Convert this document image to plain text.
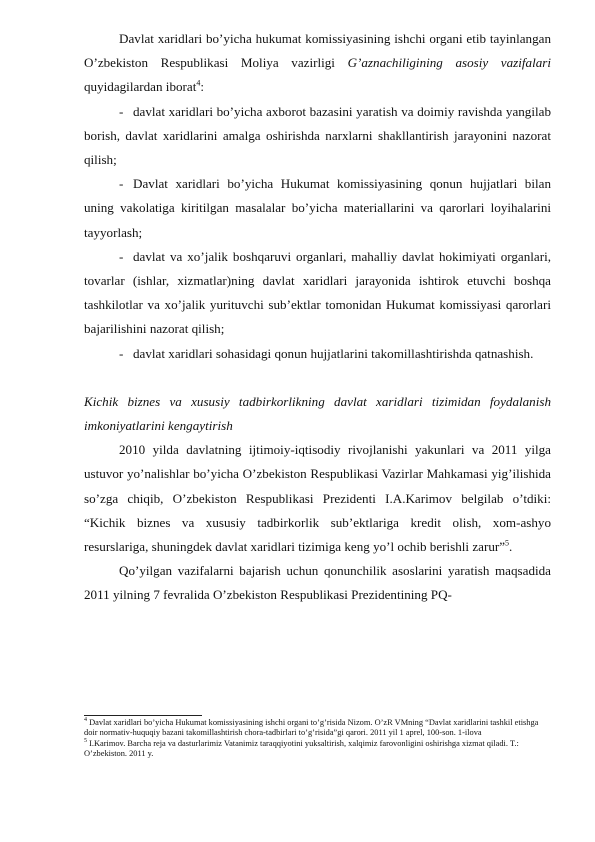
Davlat xaridlari bo’yicha hukumat komissiyasining ishchi organi etib tayinlangan O’zbekiston Respublikasi Moliya vazirligi G’aznachiligining asosiy vazifalari quyidagilardan iborat$^4$:

- davlat xaridlari bo’yicha axborot bazasini yaratish va doimiy ravishda yangilab borish, davlat xaridlarini amalga oshirishda narxlarni shakllantirish jarayonini nazorat qilish;

- Davlat xaridlari bo’yicha Hukumat komissiyasining qonun hujjatlari bilan uning vakolatiga kiritilgan masalalar bo’yicha materiallarini va qarorlari loyihalarini tayyorlash;

- davlat va xo’jalik boshqaruvi organlari, mahalliy davlat hokimiyati organlari, tovarlar (ishlar, xizmatlar)ning davlat xaridlari jarayonida ishtirok etuvchi boshqa tashkilotlar va xo’jalik yurituvchi sub’ektlar tomonidan Hukumat komissiyasi qarorlari bajarilishini nazorat qilish;

- davlat xaridlari sohasidagi qonun hujjatlarini takomillashtirishda qatnashish.

Kichik biznes va xususiy tadbirkorlikning davlat xaridlari tizimidan foydalanish imkoniyatlarini kengaytirish

2010 yilda davlatning ijtimoiy-iqtisodiy rivojlanishi yakunlari va 2011 yilga ustuvor yo’nalishlar bo’yicha O’zbekiston Respublikasi Vazirlar Mahkamasi yig’ilishida so’zga chiqib, O’zbekiston Respublikasi Prezidenti I.A.Karimov belgilab o’tdiki: “Kichik biznes va xususiy tadbirkorlik sub’ektlariga kredit olish, xom-ashyo resurslariga, shuningdek davlat xaridlari tizimiga keng yo’l ochib berishli zarur”$^5$.

Qo’yilgan vazifalarni bajarish uchun qonunchilik asoslarini yaratish maqsadida 2011 yilning 7 fevralida O’zbekiston Respublikasi Prezidentining PQ-

$^4$ Davlat xaridlari bo’yicha Hukumat komissiyasining ishchi organi to’g’risida Nizom. O’zR VMning “Davlat xaridlarini tashkil etishga doir normativ-huquqiy bazani takomillashtirish chora-tadbirlari to’g’risida”gi qarori. 2011 yil 1 aprel, 100-son. 1-ilova

$^5$ I.Karimov. Barcha reja va dasturlarimiz Vatanimiz taraqqiyotini yuksaltirish, xalqimiz farovonligini oshirishga xizmat qiladi. T.: O’zbekiston. 2011 y.
